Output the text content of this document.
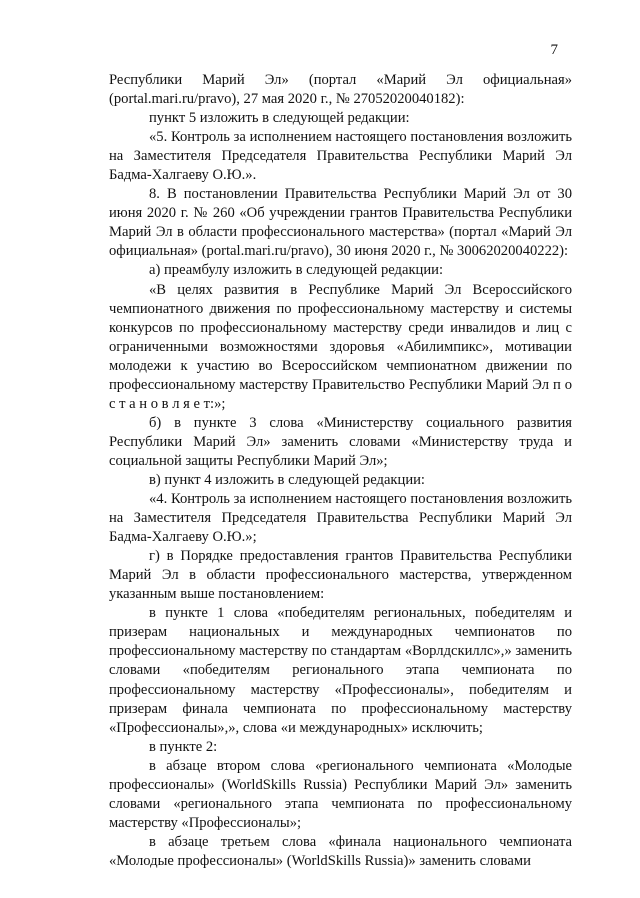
7

Республики Марий Эл» (портал «Марий Эл официальная» (portal.mari.ru/pravo), 27 мая 2020 г., № 27052020040182):

пункт 5 изложить в следующей редакции:

«5. Контроль за исполнением настоящего постановления возложить на Заместителя Председателя Правительства Республики Марий Эл Бадма-Халгаеву О.Ю.».

8. В постановлении Правительства Республики Марий Эл от 30 июня 2020 г. № 260 «Об учреждении грантов Правительства Республики Марий Эл в области профессионального мастерства» (портал «Марий Эл официальная» (portal.mari.ru/pravo), 30 июня 2020 г., № 30062020040222):

а) преамбулу изложить в следующей редакции:

«В целях развития в Республике Марий Эл Всероссийского чемпионатного движения по профессиональному мастерству и системы конкурсов по профессиональному мастерству среди инвалидов и лиц с ограниченными возможностями здоровья «Абилимпикс», мотивации молодежи к участию во Всероссийском чемпионатном движении по профессиональному мастерству Правительство Республики Марий Эл п о с т а н о в л я е т:»;

б) в пункте 3 слова «Министерству социального развития Республики Марий Эл» заменить словами «Министерству труда и социальной защиты Республики Марий Эл»;

в) пункт 4 изложить в следующей редакции:

«4. Контроль за исполнением настоящего постановления возложить на Заместителя Председателя Правительства Республики Марий Эл Бадма-Халгаеву О.Ю.»;

г) в Порядке предоставления грантов Правительства Республики Марий Эл в области профессионального мастерства, утвержденном указанным выше постановлением:

в пункте 1 слова «победителям региональных, победителям и призерам национальных и международных чемпионатов по профессиональному мастерству по стандартам «Ворлдскиллс»,» заменить словами «победителям регионального этапа чемпионата по профессиональному мастерству «Профессионалы», победителям и призерам финала чемпионата по профессиональному мастерству «Профессионалы»,», слова «и международных» исключить;

в пункте 2:

в абзаце втором слова «регионального чемпионата «Молодые профессионалы» (WorldSkills Russia) Республики Марий Эл» заменить словами «регионального этапа чемпионата по профессиональному мастерству «Профессионалы»;

в абзаце третьем слова «финала национального чемпионата «Молодые профессионалы» (WorldSkills Russia)» заменить словами
